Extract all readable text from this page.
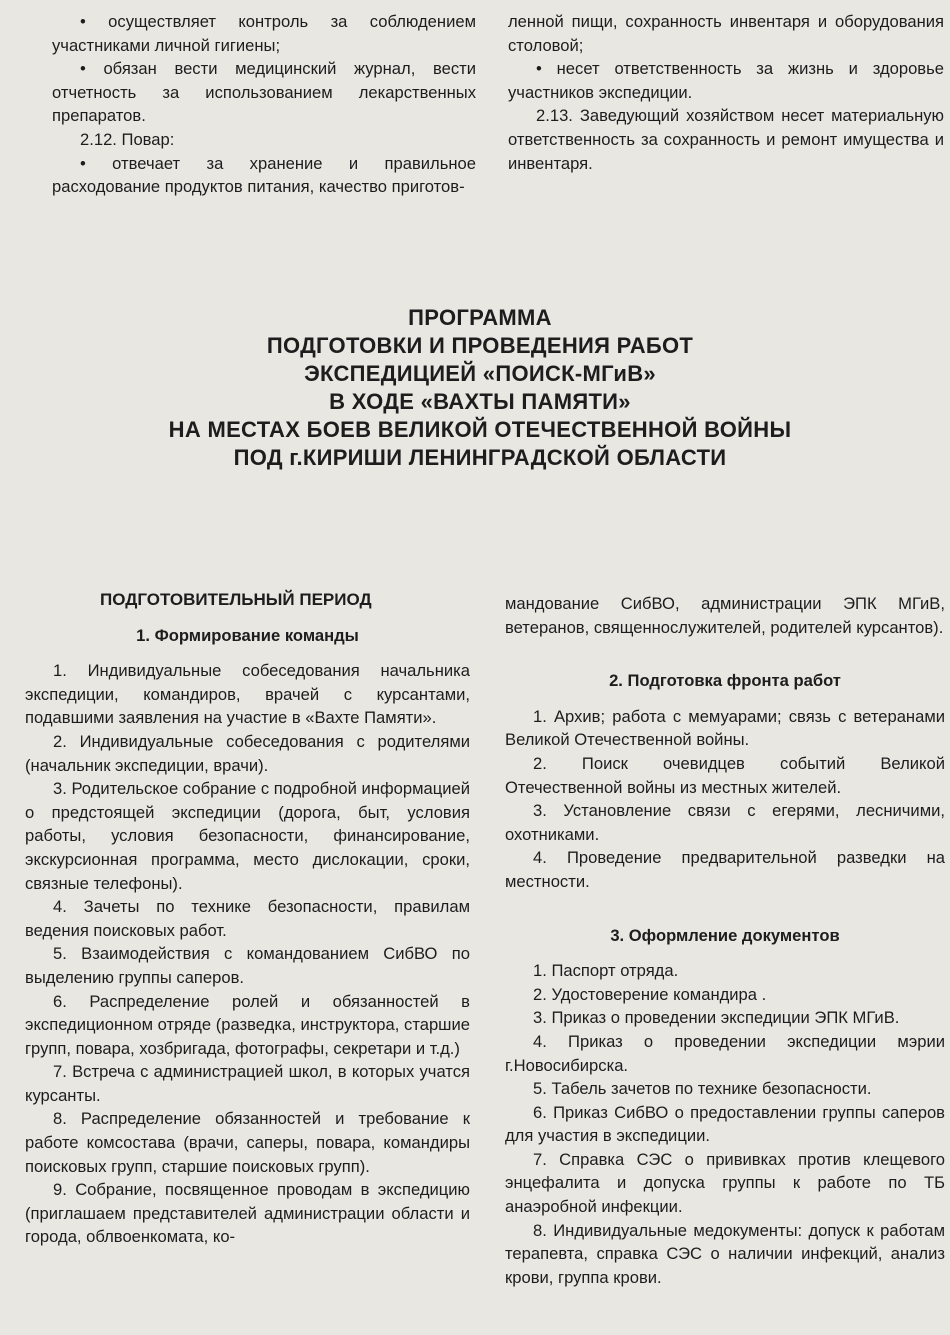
• осуществляет контроль за соблюдением участниками личной гигиены;

• обязан вести медицинский журнал, вести отчетность за использованием лекарственных препаратов.

2.12. Повар:

• отвечает за хранение и правильное расходование продуктов питания, качество приготов-

ленной пищи, сохранность инвентаря и оборудования столовой;

• несет ответственность за жизнь и здоровье участников экспедиции.

2.13. Заведующий хозяйством несет материальную ответственность за сохранность и ремонт имущества и инвентаря.

ПРОГРАММА
ПОДГОТОВКИ И ПРОВЕДЕНИЯ РАБОТ
ЭКСПЕДИЦИЕЙ «ПОИСК-МГиВ»
В ХОДЕ «ВАХТЫ ПАМЯТИ»
НА МЕСТАХ БОЕВ ВЕЛИКОЙ ОТЕЧЕСТВЕННОЙ ВОЙНЫ
ПОД г.КИРИШИ ЛЕНИНГРАДСКОЙ ОБЛАСТИ

ПОДГОТОВИТЕЛЬНЫЙ ПЕРИОД

1. Формирование команды

1. Индивидуальные собеседования начальника экспедиции, командиров, врачей с курсантами, подавшими заявления на участие в «Вахте Памяти».

2. Индивидуальные собеседования с родителями (начальник экспедиции, врачи).

3. Родительское собрание с подробной информацией о предстоящей экспедиции (дорога, быт, условия работы, условия безопасности, финансирование, экскурсионная программа, место дислокации, сроки, связные телефоны).

4. Зачеты по технике безопасности, правилам ведения поисковых работ.

5. Взаимодействия с командованием СибВО по выделению группы саперов.

6. Распределение ролей и обязанностей в экспедиционном отряде (разведка, инструктора, старшие групп, повара, хозбригада, фотографы, секретари и т.д.)

7. Встреча с администрацией школ, в которых учатся курсанты.

8. Распределение обязанностей и требование к работе комсостава (врачи, саперы, повара, командиры поисковых групп, старшие поисковых групп).

9. Собрание, посвященное проводам в экспедицию (приглашаем представителей администрации области и города, облвоенкомата, ко-

мандование СибВО, администрации ЭПК МГиВ, ветеранов, священнослужителей, родителей курсантов).

2. Подготовка фронта работ

1. Архив; работа с мемуарами; связь с ветеранами Великой Отечественной войны.

2. Поиск очевидцев событий Великой Отечественной войны из местных жителей.

3. Установление связи с егерями, лесничими, охотниками.

4. Проведение предварительной разведки на местности.

3. Оформление документов

1. Паспорт отряда.

2. Удостоверение командира .

3. Приказ о проведении экспедиции ЭПК МГиВ.

4. Приказ о проведении экспедиции мэрии г.Новосибирска.

5. Табель зачетов по технике безопасности.

6. Приказ СибВО о предоставлении группы саперов для участия в экспедиции.

7. Справка СЭС о прививках против клещевого энцефалита и допуска группы к работе по ТБ анаэробной инфекции.

8. Индивидуальные медокументы: допуск к работам терапевта, справка СЭС о наличии инфекций, анализ крови, группа крови.
